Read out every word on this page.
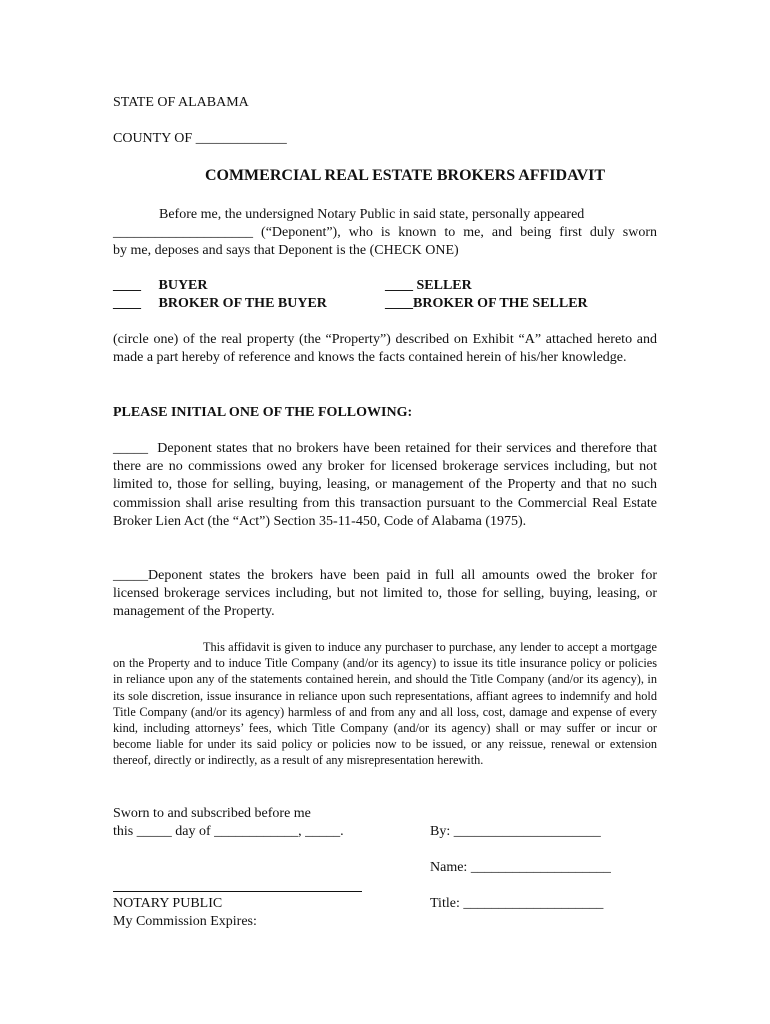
STATE OF ALABAMA
COUNTY OF _____________
COMMERCIAL REAL ESTATE BROKERS AFFIDAVIT
Before me, the undersigned Notary Public in said state, personally appeared
____________________ (“Deponent”), who is known to me, and being first duly sworn
by me, deposes and says that Deponent is the (CHECK ONE)
____     BUYER
____     BROKER OF THE BUYER
____ SELLER
____BROKER OF THE SELLER
(circle one) of the real property (the “Property”) described on Exhibit “A” attached hereto and made a part hereby of reference and knows the facts contained herein of his/her knowledge.
PLEASE INITIAL ONE OF THE FOLLOWING:
_____  Deponent states that no brokers have been retained for their services and therefore that there are no commissions owed any broker for licensed brokerage services including, but not limited to, those for selling, buying, leasing, or management of the Property and that no such commission shall arise resulting from this transaction pursuant to the Commercial Real Estate Broker Lien Act (the “Act”) Section 35-11-450, Code of Alabama (1975).
_____Deponent states the brokers have been paid in full all amounts owed the broker for licensed brokerage services including, but not limited to, those for selling, buying, leasing, or management of the Property.
This affidavit is given to induce any purchaser to purchase, any lender to accept a mortgage on the Property and to induce Title Company (and/or its agency) to issue its title insurance policy or policies in reliance upon any of the statements contained herein, and should the Title Company (and/or its agency), in its sole discretion, issue insurance in reliance upon such representations, affiant agrees to indemnify and hold Title Company (and/or its agency) harmless of and from any and all loss, cost, damage and expense of every kind, including attorneys’ fees, which Title Company (and/or its agency) shall or may suffer or incur or become liable for under its said policy or policies now to be issued, or any reissue, renewal or extension thereof, directly or indirectly, as a result of any misrepresentation herewith.
Sworn to and subscribed before me
this _____ day of ____________, _____.	By: _____________________
Name: ____________________
Title: ____________________
NOTARY PUBLIC
My Commission Expires:
